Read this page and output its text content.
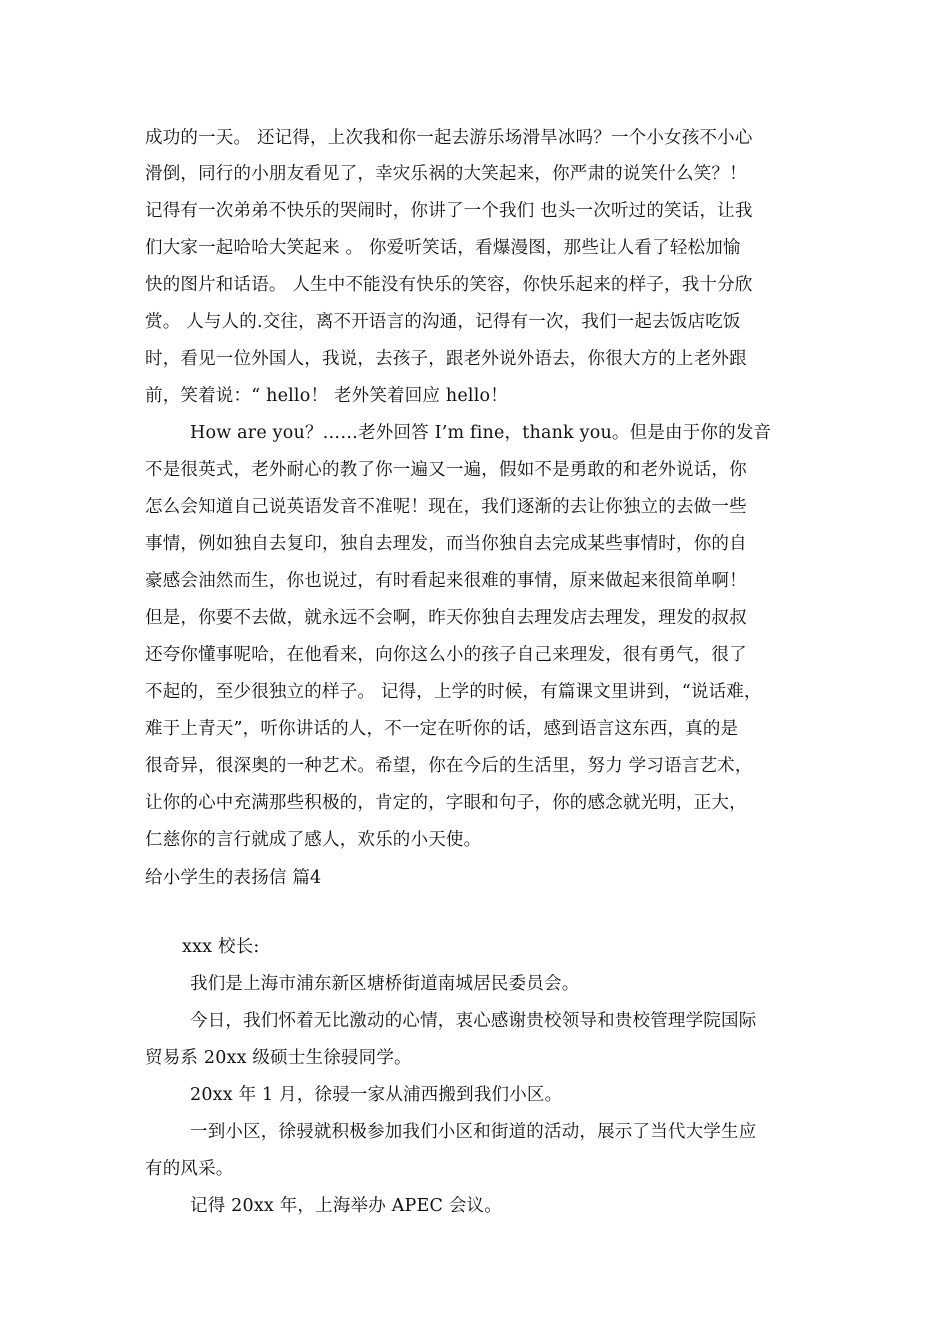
成功的一天。 还记得，上次我和你一起去游乐场滑旱冰吗？一个小女孩不小心
滑倒，同行的小朋友看见了，幸灾乐祸的大笑起来，你严肃的说笑什么笑？！
记得有一次弟弟不快乐的哭闹时，你讲了一个我们 也头一次听过的笑话，让我
们大家一起哈哈大笑起来 。 你爱听笑话，看爆漫图，那些让人看了轻松加愉
快的图片和话语。 人生中不能没有快乐的笑容，你快乐起来的样子，我十分欣
赏。 人与人的.交往，离不开语言的沟通，记得有一次，我们一起去饭店吃饭
时，看见一位外国人，我说，去孩子，跟老外说外语去，你很大方的上老外跟
前，笑着说：“ hello！ 老外笑着回应 hello！
How are you？……老外回答 I’m fine，thank you。但是由于你的发音
不是很英式，老外耐心的教了你一遍又一遍，假如不是勇敢的和老外说话，你
怎么会知道自己说英语发音不准呢！现在，我们逐渐的去让你独立的去做一些
事情，例如独自去复印，独自去理发，而当你独自去完成某些事情时，你的自
豪感会油然而生，你也说过，有时看起来很难的事情，原来做起来很简单啊！
但是，你要不去做，就永远不会啊，昨天你独自去理发店去理发，理发的叔叔
还夸你懂事呢哈，在他看来，向你这么小的孩子自己来理发，很有勇气，很了
不起的，至少很独立的样子。 记得，上学的时候，有篇课文里讲到，“说话难，
难于上青天”，听你讲话的人，不一定在听你的话，感到语言这东西，真的是
很奇异，很深奥的一种艺术。希望，你在今后的生活里，努力 学习语言艺术，
让你的心中充满那些积极的，肯定的，字眼和句子，你的感念就光明，正大，
仁慈你的言行就成了感人，欢乐的小天使。
给小学生的表扬信 篇4
xxx 校长:
我们是上海市浦东新区塘桥街道南城居民委员会。
今日，我们怀着无比激动的心情，衷心感谢贵校领导和贵校管理学院国际
贸易系 20xx 级硕士生徐骎同学。
20xx 年 1 月，徐骎一家从浦西搬到我们小区。
一到小区，徐骎就积极参加我们小区和街道的活动，展示了当代大学生应
有的风采。
记得 20xx 年，上海举办 APEC 会议。
